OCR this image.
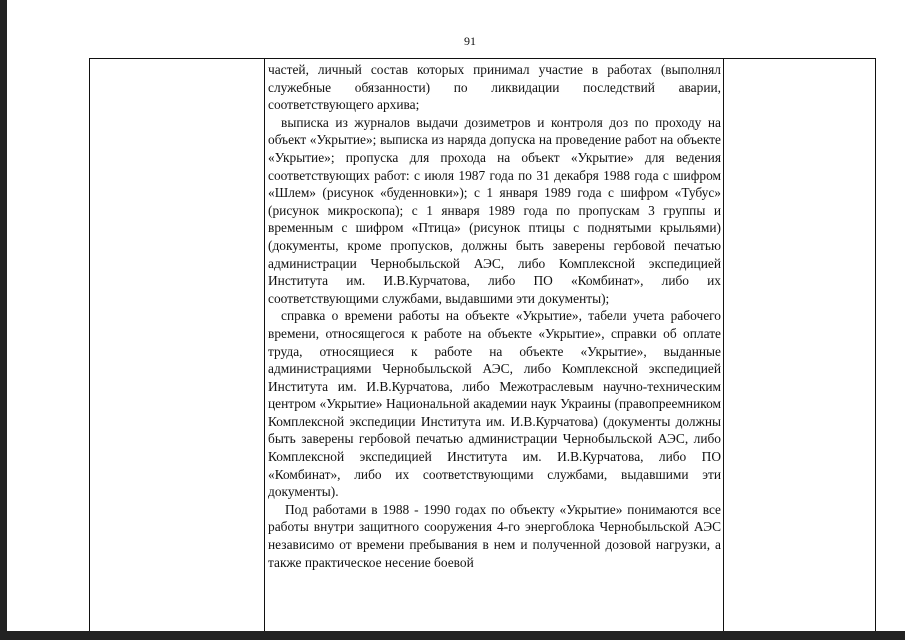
91

частей, личный состав которых принимал участие в работах (выполнял служебные обязанности) по ликвидации последствий аварии, соответствующего архива;

выписка из журналов выдачи дозиметров и контроля доз по проходу на объект «Укрытие»; выписка из наряда допуска на проведение работ на объекте «Укрытие»; пропуска для прохода на объект «Укрытие» для ведения соответствующих работ: с июля 1987 года по 31 декабря 1988 года с шифром «Шлем» (рисунок «буденновки»); с 1 января 1989 года с шифром «Тубус» (рисунок микроскопа); с 1 января 1989 года по пропускам 3 группы и временным с шифром «Птица» (рисунок птицы с поднятыми крыльями) (документы, кроме пропусков, должны быть заверены гербовой печатью администрации Чернобыльской АЭС, либо Комплексной экспедицией Института им. И.В.Курчатова, либо ПО «Комбинат», либо их соответствующими службами, выдавшими эти документы);

справка о времени работы на объекте «Укрытие», табели учета рабочего времени, относящегося к работе на объекте «Укрытие», справки об оплате труда, относящиеся к работе на объекте «Укрытие», выданные администрациями Чернобыльской АЭС, либо Комплексной экспедицией Института им. И.В.Курчатова, либо Межотраслевым научно-техническим центром «Укрытие» Национальной академии наук Украины (правопреемником Комплексной экспедиции Института им. И.В.Курчатова) (документы должны быть заверены гербовой печатью администрации Чернобыльской АЭС, либо Комплексной экспедицией Института им. И.В.Курчатова, либо ПО «Комбинат», либо их соответствующими службами, выдавшими эти документы).

Под работами в 1988 - 1990 годах по объекту «Укрытие» понимаются все работы внутри защитного сооружения 4-го энергоблока Чернобыльской АЭС независимо от времени пребывания в нем и полученной дозовой нагрузки, а также практическое несение боевой
